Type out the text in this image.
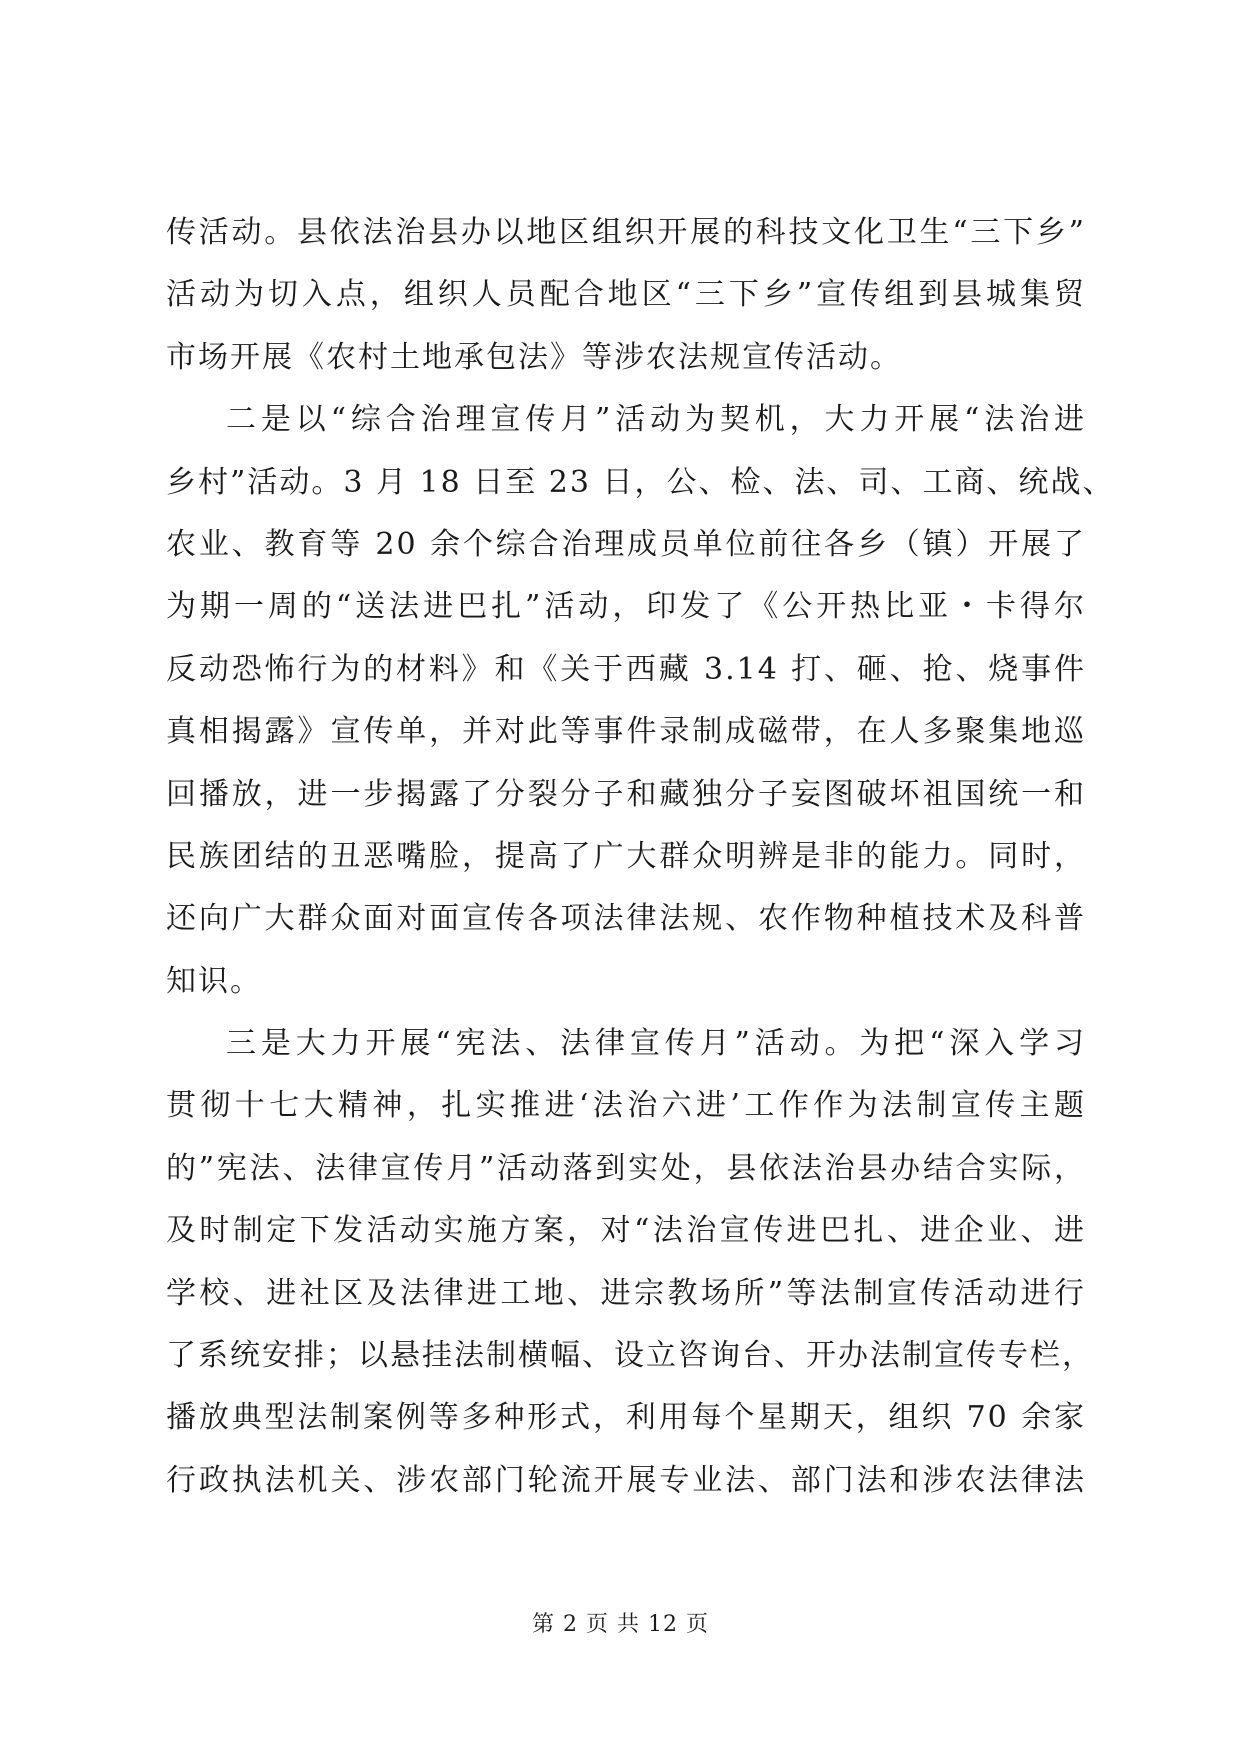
传活动。县依法治县办以地区组织开展的科技文化卫生“三下乡”
活动为切入点，组织人员配合地区“三下乡”宣传组到县城集贸
市场开展《农村土地承包法》等涉农法规宣传活动。
二是以“综合治理宣传月”活动为契机，大力开展“法治进
乡村”活动。3 月 18 日至 23 日，公、检、法、司、工商、统战、
农业、教育等 20 余个综合治理成员单位前往各乡（镇）开展了
为期一周的“送法进巴扎”活动，印发了《公开热比亚・卡得尔
反动恐怖行为的材料》和《关于西藏 3.14 打、砸、抢、烧事件
真相揭露》宣传单，并对此等事件录制成磁带，在人多聚集地巡
回播放，进一步揭露了分裂分子和藏独分子妄图破坏祖国统一和
民族团结的丑恶嘴脸，提高了广大群众明辨是非的能力。同时，
还向广大群众面对面宣传各项法律法规、农作物种植技术及科普
知识。
三是大力开展“宪法、法律宣传月”活动。为把“深入学习
贯彻十七大精神，扎实推进‘法治六进’工作作为法制宣传主题
的”宪法、法律宣传月”活动落到实处，县依法治县办结合实际，
及时制定下发活动实施方案，对“法治宣传进巴扎、进企业、进
学校、进社区及法律进工地、进宗教场所”等法制宣传活动进行
了系统安排；以悬挂法制横幅、设立咨询台、开办法制宣传专栏，
播放典型法制案例等多种形式，利用每个星期天，组织 70 余家
行政执法机关、涉农部门轮流开展专业法、部门法和涉农法律法
第 2 页 共 12 页
